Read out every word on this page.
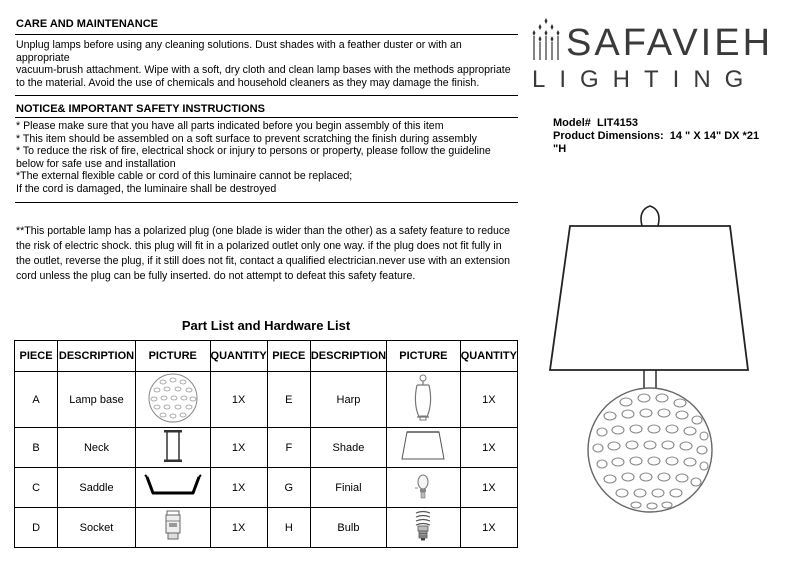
CARE AND MAINTENANCE
Unplug lamps before using any cleaning solutions. Dust shades with a feather duster or with an
appropriate
vacuum-brush attachment. Wipe with a soft, dry cloth and clean lamp bases with the methods appropriate
to the material. Avoid the use of chemicals and household cleaners as they may damage the finish.
NOTICE& IMPORTANT SAFETY INSTRUCTIONS
* Please make sure that you have all parts indicated before you begin assembly of this item
* This item should be assembled on a soft surface to prevent scratching the finish during assembly
* To reduce the risk of fire, electrical shock or injury to persons or property, please follow the guideline
below for safe use and installation
*The external flexible cable or cord of this luminaire cannot be replaced;
If the cord is damaged, the luminaire shall be destroyed
**This portable lamp has a polarized plug (one blade is wider than the other) as a safety feature to reduce
the risk of electric shock. this plug will fit in a polarized outlet only one way. if the plug does not fit fully in
the outlet, reverse the plug, if it still does not fit, contact a qualified electrician.never use with an extension
cord unless the plug can be fully inserted. do not attempt to defeat this safety feature.
Part List and Hardware List
PIECE	DESCRIPTION	PICTURE	QUANTITY	PIECE	DESCRIPTION	PICTURE	QUANTITY
A	Lamp base		1X	E	Harp		1X
B	Neck		1X	F	Shade		1X
C	Saddle		1X	G	Finial		1X
D	Socket		1X	H	Bulb		1X
SAFAVIEH
LIGHTING
Model# LIT4153
Product Dimensions: 14 " X 14" DX *21
"H
